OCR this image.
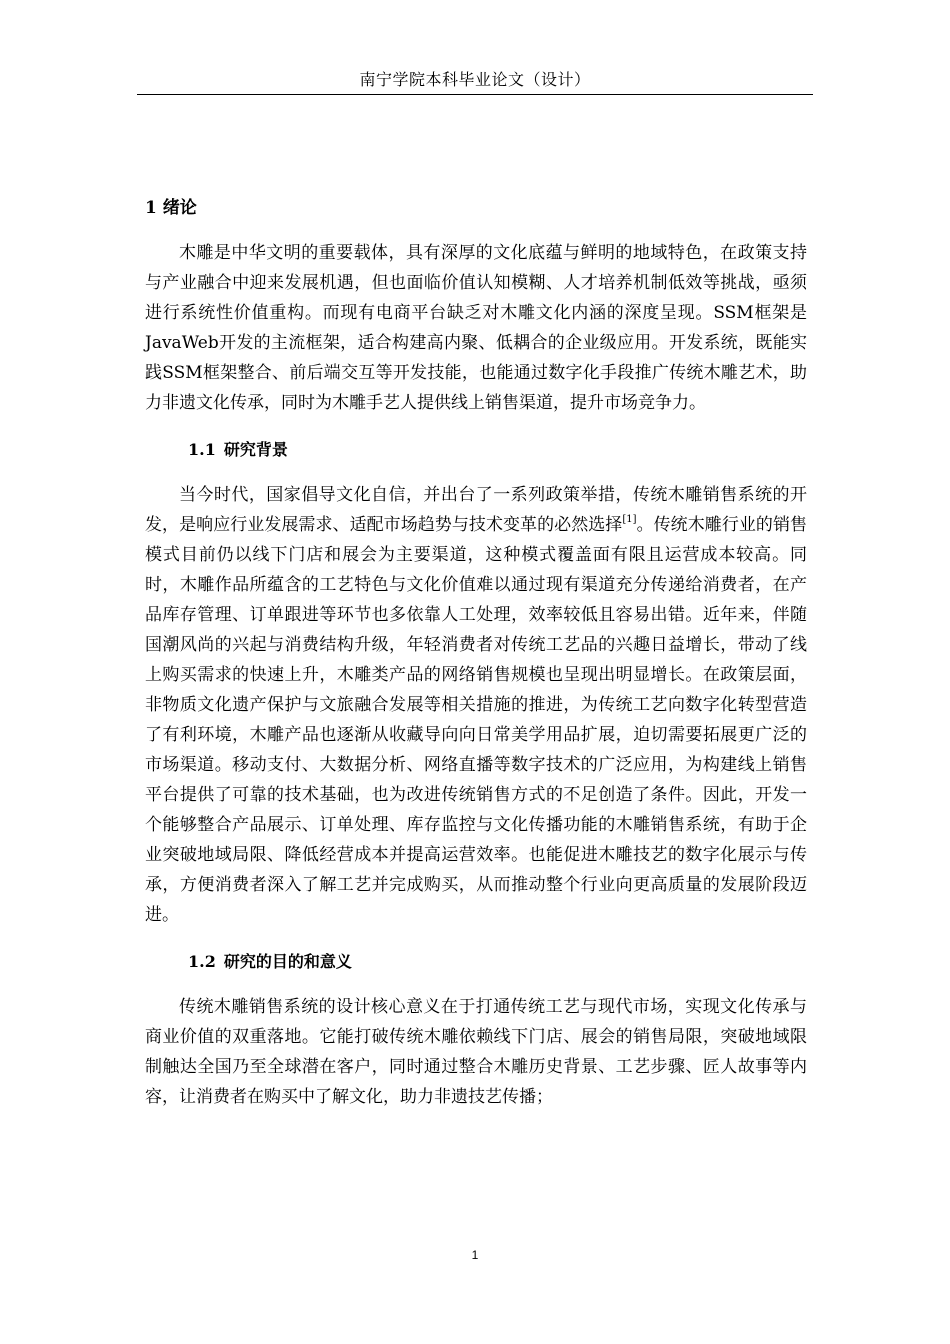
南宁学院本科毕业论文（设计）
1 绪论

木雕是中华文明的重要载体，具有深厚的文化底蕴与鲜明的地域特色，在政策支持与产业融合中迎来发展机遇，但也面临价值认知模糊、人才培养机制低效等挑战，亟须进行系统性价值重构。而现有电商平台缺乏对木雕文化内涵的深度呈现。SSM框架是JavaWeb开发的主流框架，适合构建高内聚、低耦合的企业级应用。开发系统，既能实践SSM框架整合、前后端交互等开发技能，也能通过数字化手段推广传统木雕艺术，助力非遗文化传承，同时为木雕手艺人提供线上销售渠道，提升市场竞争力。

1.1 研究背景

当今时代，国家倡导文化自信，并出台了一系列政策举措，传统木雕销售系统的开发，是响应行业发展需求、适配市场趋势与技术变革的必然选择[1]。传统木雕行业的销售模式目前仍以线下门店和展会为主要渠道，这种模式覆盖面有限且运营成本较高。同时，木雕作品所蕴含的工艺特色与文化价值难以通过现有渠道充分传递给消费者，在产品库存管理、订单跟进等环节也多依靠人工处理，效率较低且容易出错。近年来，伴随国潮风尚的兴起与消费结构升级，年轻消费者对传统工艺品的兴趣日益增长，带动了线上购买需求的快速上升，木雕类产品的网络销售规模也呈现出明显增长。在政策层面，非物质文化遗产保护与文旅融合发展等相关措施的推进，为传统工艺向数字化转型营造了有利环境，木雕产品也逐渐从收藏导向向日常美学用品扩展，迫切需要拓展更广泛的市场渠道。移动支付、大数据分析、网络直播等数字技术的广泛应用，为构建线上销售平台提供了可靠的技术基础，也为改进传统销售方式的不足创造了条件。因此，开发一个能够整合产品展示、订单处理、库存监控与文化传播功能的木雕销售系统，有助于企业突破地域局限、降低经营成本并提高运营效率。也能促进木雕技艺的数字化展示与传承，方便消费者深入了解工艺并完成购买，从而推动整个行业向更高质量的发展阶段迈进。

1.2 研究的目的和意义

传统木雕销售系统的设计核心意义在于打通传统工艺与现代市场，实现文化传承与商业价值的双重落地。它能打破传统木雕依赖线下门店、展会的销售局限，突破地域限制触达全国乃至全球潜在客户，同时通过整合木雕历史背景、工艺步骤、匠人故事等内容，让消费者在购买中了解文化，助力非遗技艺传播；

1
